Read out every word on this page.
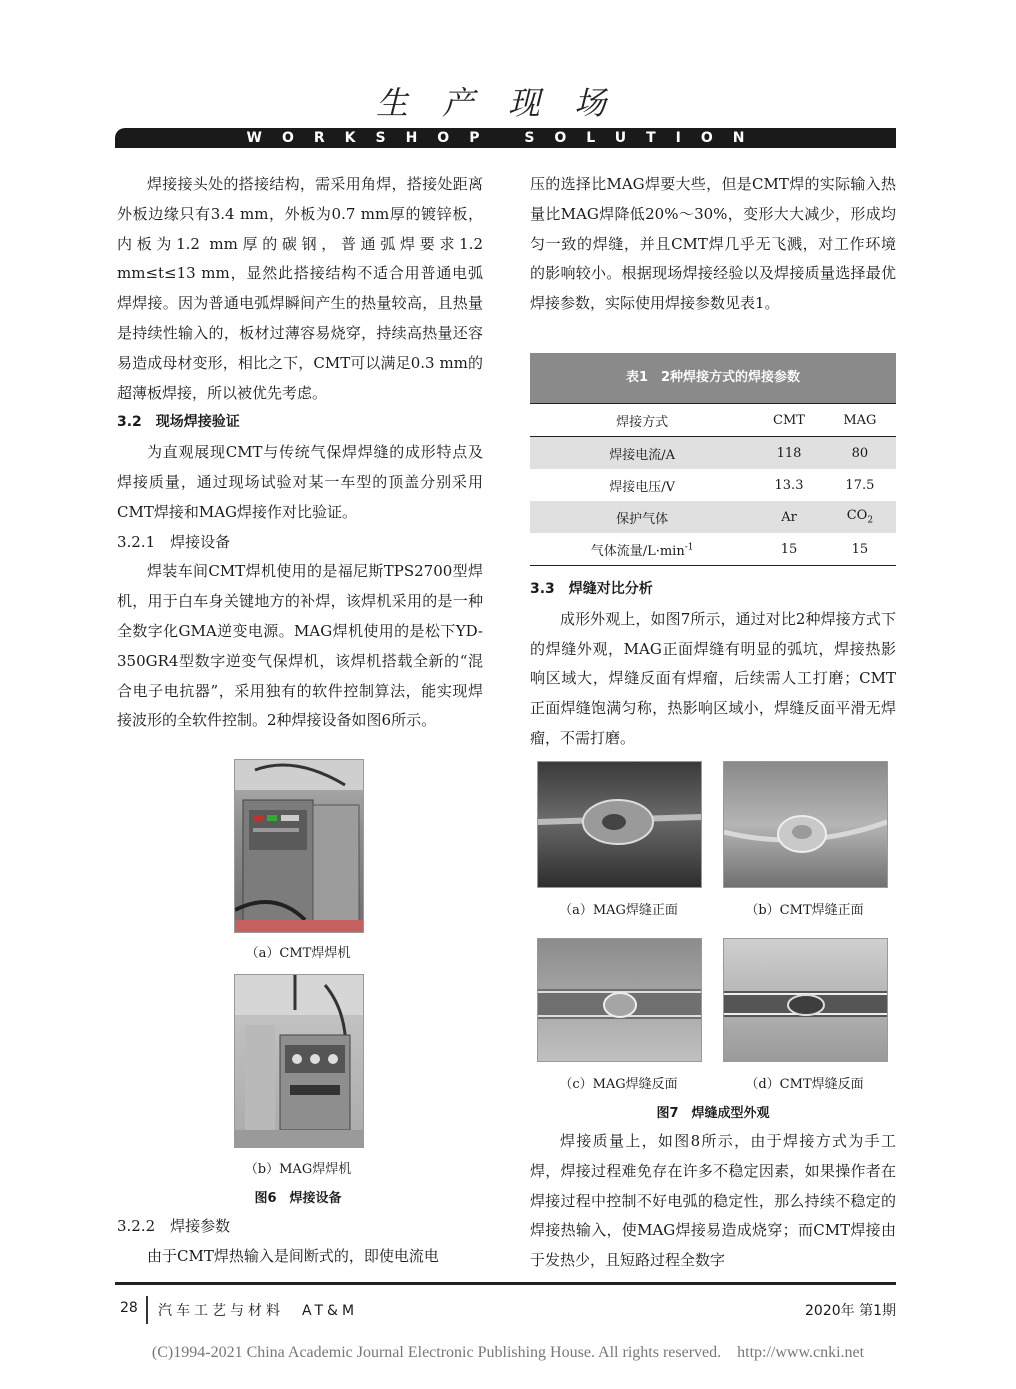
生产现场
WORKSHOP SOLUTION

焊接接头处的搭接结构，需采用角焊，搭接处距离外板边缘只有3.4 mm，外板为0.7 mm厚的镀锌板，内板为1.2 mm厚的碳钢，普通弧焊要求1.2 mm≤t≤13 mm，显然此搭接结构不适合用普通电弧焊焊接。因为普通电弧焊瞬间产生的热量较高，且热量是持续性输入的，板材过薄容易烧穿，持续高热量还容易造成母材变形，相比之下，CMT可以满足0.3 mm的超薄板焊接，所以被优先考虑。

3.2　现场焊接验证

为直观展现CMT与传统气保焊焊缝的成形特点及焊接质量，通过现场试验对某一车型的顶盖分别采用CMT焊接和MAG焊接作对比验证。

3.2.1　焊接设备

焊装车间CMT焊机使用的是福尼斯TPS2700型焊机，用于白车身关键地方的补焊，该焊机采用的是一种全数字化GMA逆变电源。MAG焊机使用的是松下YD-350GR4型数字逆变气保焊机，该焊机搭载全新的“混合电子电抗器”，采用独有的软件控制算法，能实现焊接波形的全软件控制。2种焊接设备如图6所示。

（a）CMT焊焊机
（b）MAG焊焊机
图6　焊接设备

3.2.2　焊接参数

由于CMT焊热输入是间断式的，即使电流电

压的选择比MAG焊要大些，但是CMT焊的实际输入热量比MAG焊降低20%～30%，变形大大减少，形成均匀一致的焊缝，并且CMT焊几乎无飞溅，对工作环境的影响较小。根据现场焊接经验以及焊接质量选择最优焊接参数，实际使用焊接参数见表1。

表1　2种焊接方式的焊接参数
焊接方式	CMT	MAG
焊接电流/A	118	80
焊接电压/V	13.3	17.5
保护气体	Ar	$CO_2$
气体流量$/L\cdot\min^{-1}$	15	15

3.3　焊缝对比分析

成形外观上，如图7所示，通过对比2种焊接方式下的焊缝外观，MAG正面焊缝有明显的弧坑，焊接热影响区域大，焊缝反面有焊瘤，后续需人工打磨；CMT正面焊缝饱满匀称，热影响区域小，焊缝反面平滑无焊瘤，不需打磨。

（a）MAG焊缝正面	（b）CMT焊缝正面
（c）MAG焊缝反面	（d）CMT焊缝反面
图7　焊缝成型外观

焊接质量上，如图8所示，由于焊接方式为手工焊，焊接过程难免存在许多不稳定因素，如果操作者在焊接过程中控制不好电弧的稳定性，那么持续不稳定的焊接热输入，使MAG焊接易造成烧穿；而CMT焊接由于发热少，且短路过程全数字

28 汽车工艺与材料　AT&M	2020年 第1期
(C)1994-2021 China Academic Journal Electronic Publishing House. All rights reserved.　http://www.cnki.net
